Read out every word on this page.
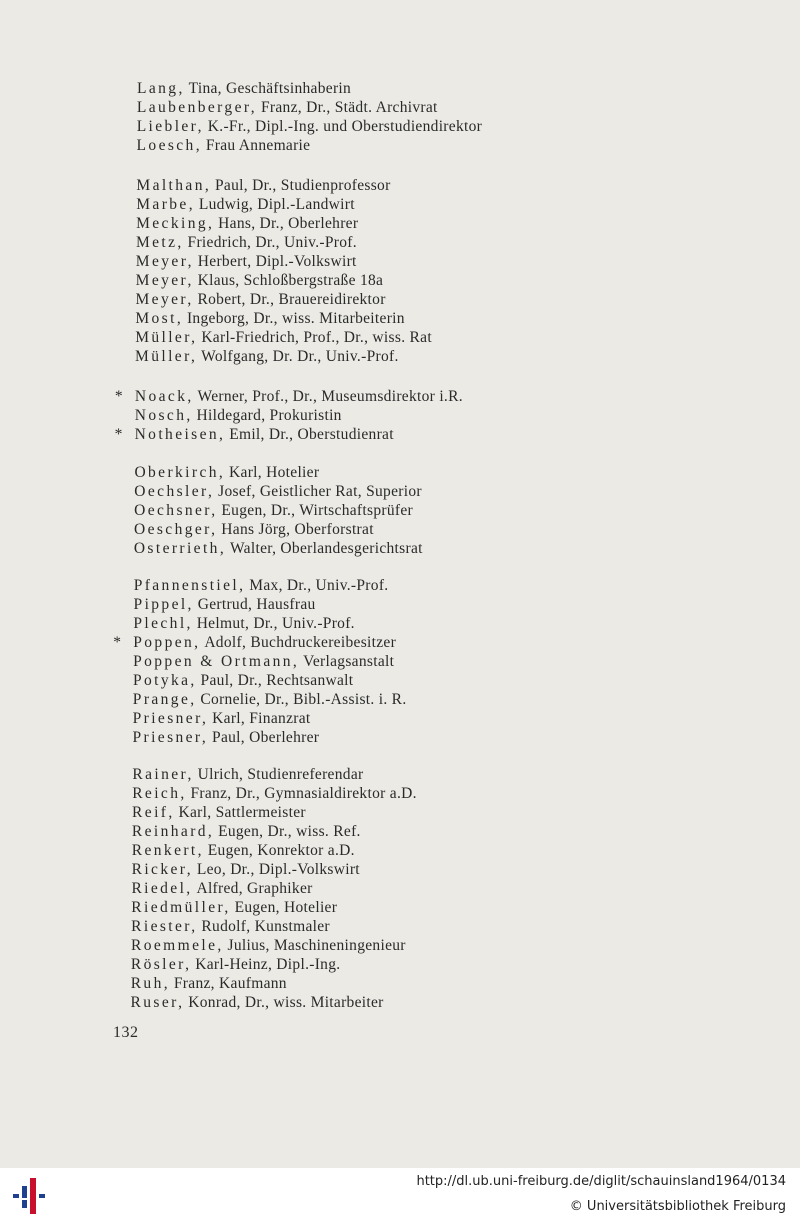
Lang, Tina, Geschäftsinhaberin
Laubenberger, Franz, Dr., Städt. Archivrat
Liebler, K.-Fr., Dipl.-Ing. und Oberstudiendirektor
Loesch, Frau Annemarie
Malthan, Paul, Dr., Studienprofessor
Marbe, Ludwig, Dipl.-Landwirt
Mecking, Hans, Dr., Oberlehrer
Metz, Friedrich, Dr., Univ.-Prof.
Meyer, Herbert, Dipl.-Volkswirt
Meyer, Klaus, Schloßbergstraße 18a
Meyer, Robert, Dr., Brauereidirektor
Most, Ingeborg, Dr., wiss. Mitarbeiterin
Müller, Karl-Friedrich, Prof., Dr., wiss. Rat
Müller, Wolfgang, Dr. Dr., Univ.-Prof.
* Noack, Werner, Prof., Dr., Museumsdirektor i.R.
Nosch, Hildegard, Prokuristin
* Notheisen, Emil, Dr., Oberstudienrat
Oberkirch, Karl, Hotelier
Oechsler, Josef, Geistlicher Rat, Superior
Oechsner, Eugen, Dr., Wirtschaftsprüfer
Oeschger, Hans Jörg, Oberforstrat
Osterrieth, Walter, Oberlandesgerichtsrat
Pfannenstiel, Max, Dr., Univ.-Prof.
Pippel, Gertrud, Hausfrau
Plechl, Helmut, Dr., Univ.-Prof.
* Poppen, Adolf, Buchdruckereibesitzer
Poppen & Ortmann, Verlagsanstalt
Potyka, Paul, Dr., Rechtsanwalt
Prange, Cornelie, Dr., Bibl.-Assist. i. R.
Priesner, Karl, Finanzrat
Priesner, Paul, Oberlehrer
Rainer, Ulrich, Studienreferendar
Reich, Franz, Dr., Gymnasialdirektor a.D.
Reif, Karl, Sattlermeister
Reinhard, Eugen, Dr., wiss. Ref.
Renkert, Eugen, Konrektor a.D.
Ricker, Leo, Dr., Dipl.-Volkswirt
Riedel, Alfred, Graphiker
Riedmüller, Eugen, Hotelier
Riester, Rudolf, Kunstmaler
Roemmele, Julius, Maschineningenieur
Rösler, Karl-Heinz, Dipl.-Ing.
Ruh, Franz, Kaufmann
Ruser, Konrad, Dr., wiss. Mitarbeiter
132
http://dl.ub.uni-freiburg.de/diglit/schauinsland1964/0134
© Universitätsbibliothek Freiburg
